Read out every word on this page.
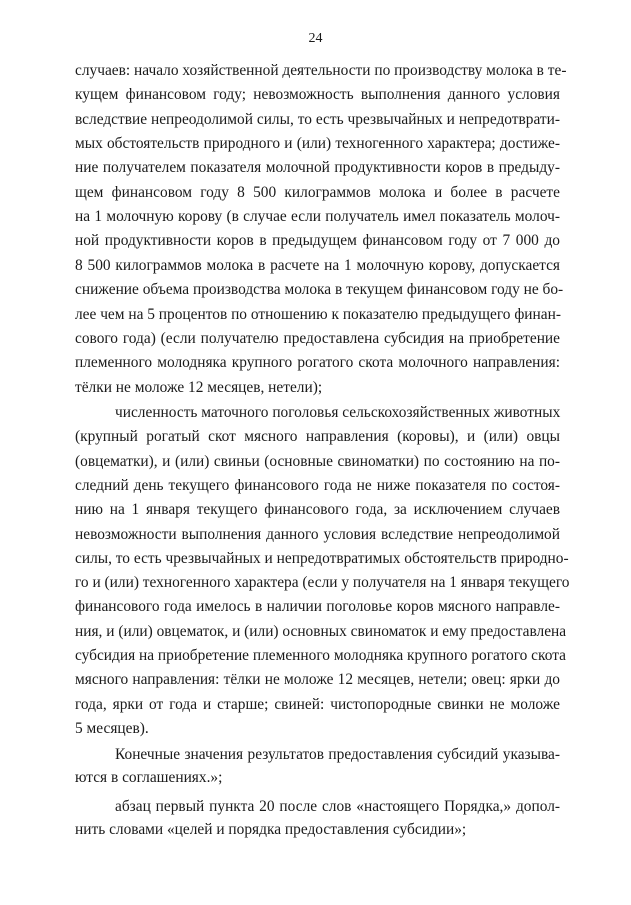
24
случаев: начало хозяйственной деятельности по производству молока в те-
кущем финансовом году; невозможность выполнения данного условия
вследствие непреодолимой силы, то есть чрезвычайных и непредотврати-
мых обстоятельств природного и (или) техногенного характера; достиже-
ние получателем показателя молочной продуктивности коров в предыду-
щем финансовом году 8 500 килограммов молока и более в расчете
на 1 молочную корову (в случае если получатель имел показатель молоч-
ной продуктивности коров в предыдущем финансовом году от 7 000 до
8 500 килограммов молока в расчете на 1 молочную корову, допускается
снижение объема производства молока в текущем финансовом году не бо-
лее чем на 5 процентов по отношению к показателю предыдущего финан-
сового года) (если получателю предоставлена субсидия на приобретение
племенного молодняка крупного рогатого скота молочного направления:
тёлки не моложе 12 месяцев, нетели);
численность маточного поголовья сельскохозяйственных животных
(крупный рогатый скот мясного направления (коровы), и (или) овцы
(овцематки), и (или) свиньи (основные свиноматки) по состоянию на по-
следний день текущего финансового года не ниже показателя по состоя-
нию на 1 января текущего финансового года, за исключением случаев
невозможности выполнения данного условия вследствие непреодолимой
силы, то есть чрезвычайных и непредотвратимых обстоятельств природно-
го и (или) техногенного характера (если у получателя на 1 января текущего
финансового года имелось в наличии поголовье коров мясного направле-
ния, и (или) овцематок, и (или) основных свиноматок и ему предоставлена
субсидия на приобретение племенного молодняка крупного рогатого скота
мясного направления: тёлки не моложе 12 месяцев, нетели; овец: ярки до
года, ярки от года и старше; свиней: чистопородные свинки не моложе
5 месяцев).
Конечные значения результатов предоставления субсидий указыва-
ются в соглашениях.»;
абзац первый пункта 20 после слов «настоящего Порядка,» допол-
нить словами «целей и порядка предоставления субсидии»;
